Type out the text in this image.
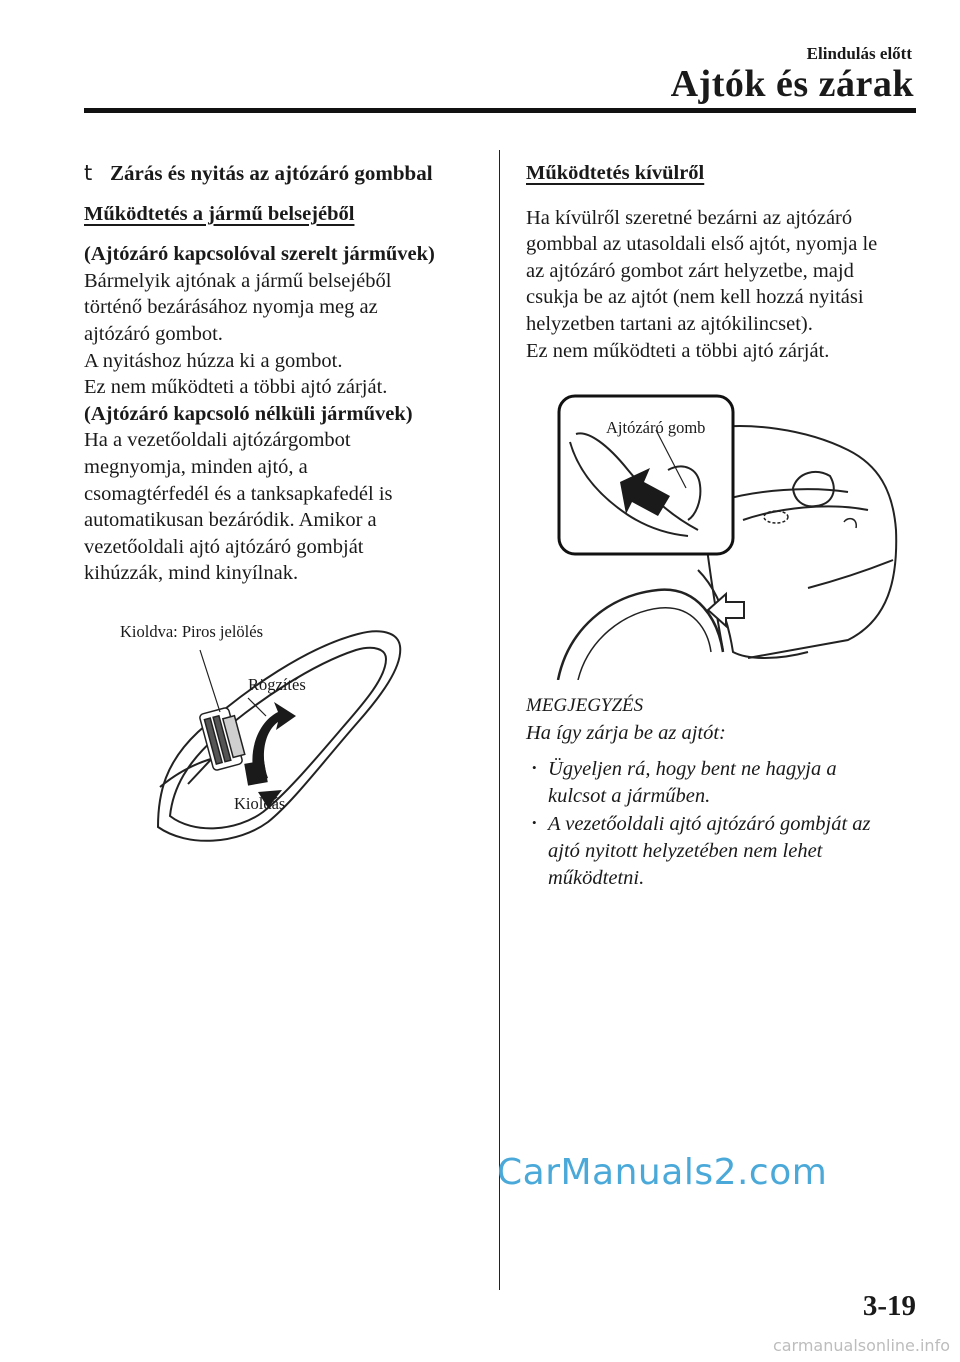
Elindulás előtt
Ajtók és zárak
t Zárás és nyitás az ajtózáró gombbal
Működtetés a jármű belsejéből

(Ajtózáró kapcsolóval szerelt járművek)

Bármelyik ajtónak a jármű belsejéből

történő bezárásához nyomja meg az

ajtózáró gombot.

A nyitáshoz húzza ki a gombot.

Ez nem működteti a többi ajtó zárját.

(Ajtózáró kapcsoló nélküli járművek)

Ha a vezetőoldali ajtózárgombot

megnyomja, minden ajtó, a

csomagtérfedél és a tanksapkafedél is

automatikusan bezáródik. Amikor a

vezetőoldali ajtó ajtózáró gombját

kihúzzák, mind kinyílnak.

Kioldva: Piros jelölés
Rögzítés
Kioldás
Működtetés kívülről

Ha kívülről szeretné bezárni az ajtózáró

gombbal az utasoldali első ajtót, nyomja le

az ajtózáró gombot zárt helyzetbe, majd

csukja be az ajtót (nem kell hozzá nyitási

helyzetben tartani az ajtókilincset).

Ez nem működteti a többi ajtó zárját.

Ajtózáró gomb

MEGJEGYZÉS

Ha így zárja be az ajtót:

• Ügyeljen rá, hogy bent ne hagyja a
kulcsot a járműben.
• A vezetőoldali ajtó ajtózáró gombját az
ajtó nyitott helyzetében nem lehet
működtetni.
CarManuals2.com
3-19
carmanualsonline.info
